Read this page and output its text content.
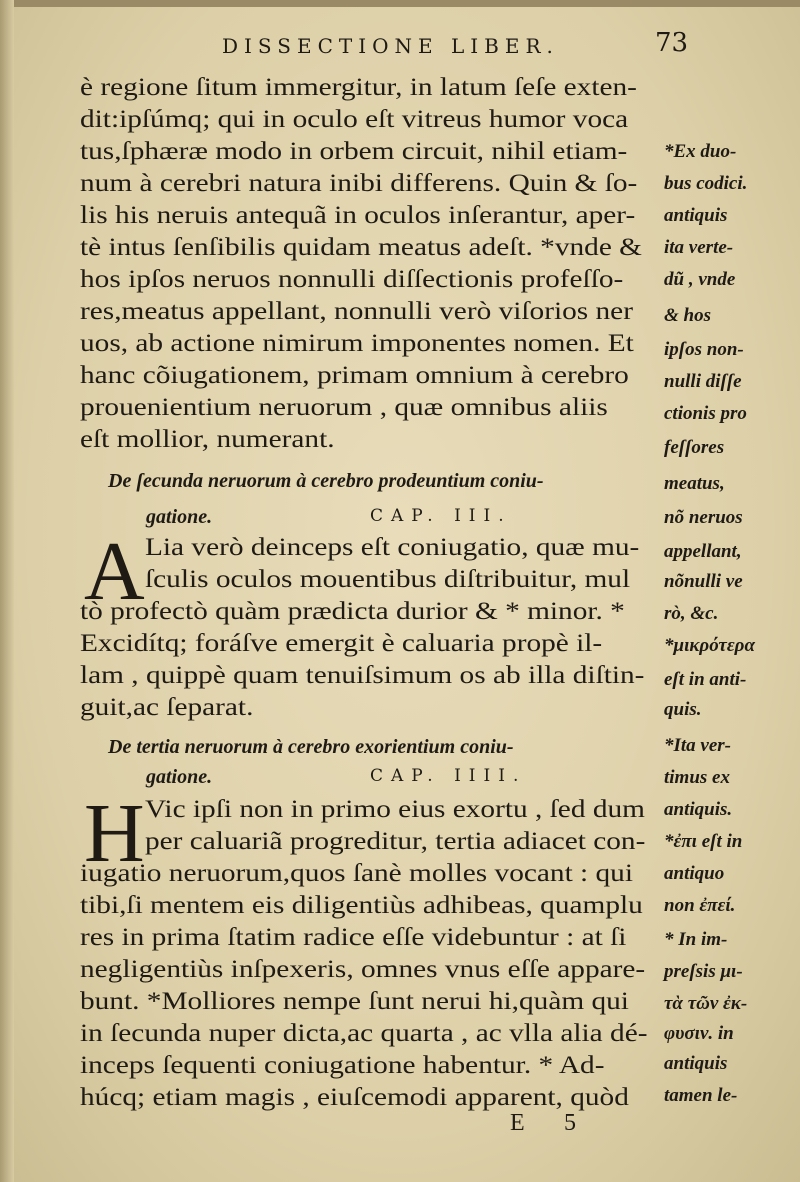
DISSECTIONE LIBER.	73
è regione ſitum immergitur, in latum ſeſe exten-
dit:ipſúmq; qui in oculo eſt vitreus humor voca
tus,ſphæræ modo in orbem circuit, nihil etiam-
num à cerebri natura inibi differens. Quin & ſo-
lis his neruis antequã in oculos inſerantur, aper-
tè intus ſenſibilis quidam meatus adeſt. *vnde &
hos ipſos neruos nonnulli diſſectionis profeſſo-
res,meatus appellant, nonnulli verò viſorios ner
uos, ab actione nimirum imponentes nomen. Et
hanc cõiugationem, primam omnium à cerebro
prouenientium neruorum , quæ omnibus aliis
eſt mollior, numerant.
De ſecunda neruorum à cerebro prodeuntium coniu-
gatione.	CAP. III.
A Lia verò deinceps eſt coniugatio, quæ mu-
ſculis oculos mouentibus diſtribuitur, mul
tò profectò quàm prædicta durior & * minor. *
Excidítq; foráſve emergit è caluaria propè il-
lam , quippè quam tenuiſsimum os ab illa diſtin-
guit,ac ſeparat.
De tertia neruorum à cerebro exorientium coniu-
gatione.	CAP. IIII.
H Vic ipſi non in primo eius exortu , ſed dum
per caluariã progreditur, tertia adiacet con-
iugatio neruorum,quos ſanè molles vocant : qui
tibi,ſi mentem eis diligentiùs adhibeas, quamplu
res in prima ſtatim radice eſſe videbuntur : at ſi
negligentiùs inſpexeris, omnes vnus eſſe appare-
bunt. *Molliores nempe ſunt nerui hi,quàm qui
in ſecunda nuper dicta,ac quarta , ac vlla alia dé-
inceps ſequenti coniugatione habentur. * Ad-
húcq; etiam magis , eiuſcemodi apparent, quòd
*Ex duo-
bus codici.
antiquis
ita verte-
dũ , vnde
& hos
ipſos non-
nulli diſſe
ctionis pro
feſſores
meatus,
nõ neruos
appellant,
nõnulli ve
rò, &c.
*μικρότερα
eſt in anti-
quis.
*Ita ver-
timus ex
antiquis.
*ἐπι eſt in
antiquo
non ἐπεί.
* In im-
preſsis μι-
τὰ τῶν ἐκ-
φυσιν. in
antiquis
tamen le-
E 5
